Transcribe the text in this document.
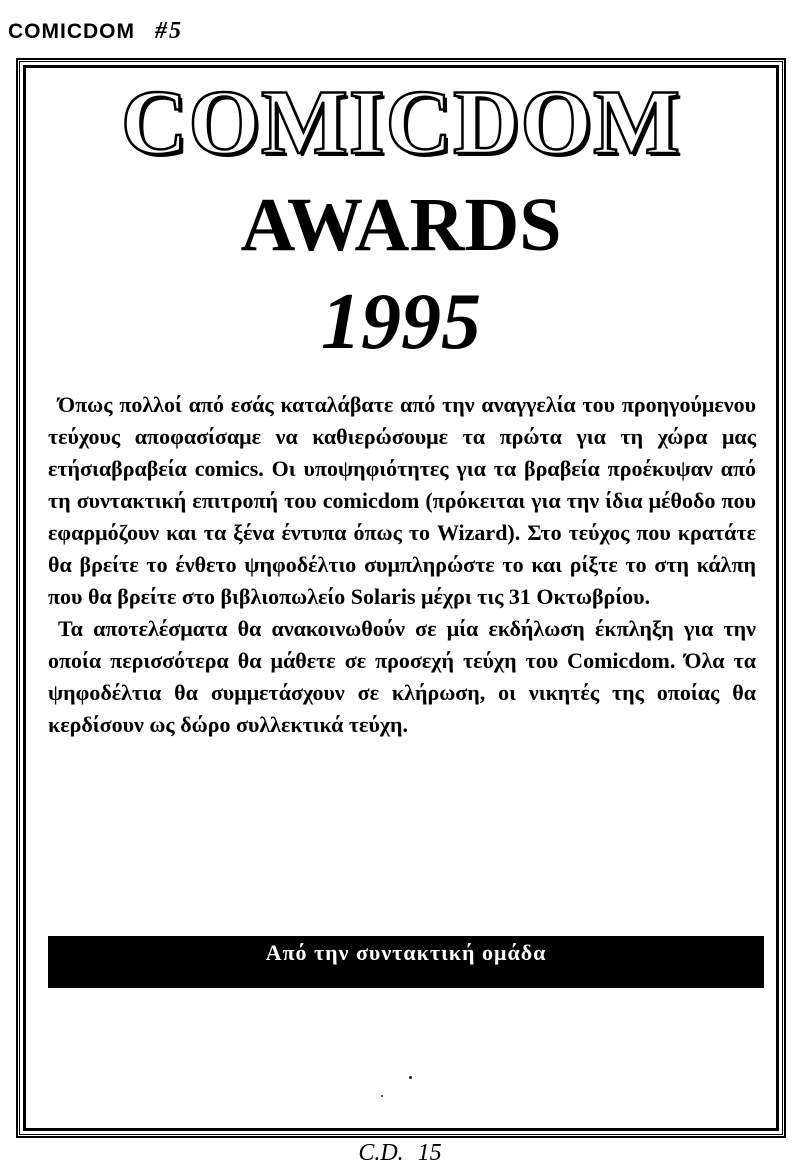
COMICDOM #5
COMICDOM
AWARDS
1995

Όπως πολλοί από εσάς καταλάβατε από την αναγγελία του προηγούμενου τεύχους αποφασίσαμε να καθιερώσουμε τα πρώτα για τη χώρα μας ετήσιαβραβεία comics. Οι υποψηφιότητες για τα βραβεία προέκυψαν από τη συντακτική επιτροπή του comicdom (πρόκειται για την ίδια μέθοδο που εφαρμόζουν και τα ξένα έντυπα όπως το Wizard). Στο τεύχος που κρατάτε θα βρείτε το ένθετο ψηφοδέλτιο συμπληρώστε το και ρίξτε το στη κάλπη που θα βρείτε στο βιβλιοπωλείο Solaris μέχρι τις 31 Οκτωβρίου.

Τα αποτελέσματα θα ανακοινωθούν σε μία εκδήλωση έκπληξη για την οποία περισσότερα θα μάθετε σε προσεχή τεύχη του Comicdom. Όλα τα ψηφοδέλτια θα συμμετάσχουν σε κλήρωση, οι νικητές της οποίας θα κερδίσουν ως δώρο συλλεκτικά τεύχη.

Από την συντακτική ομάδα
C.D. 15
